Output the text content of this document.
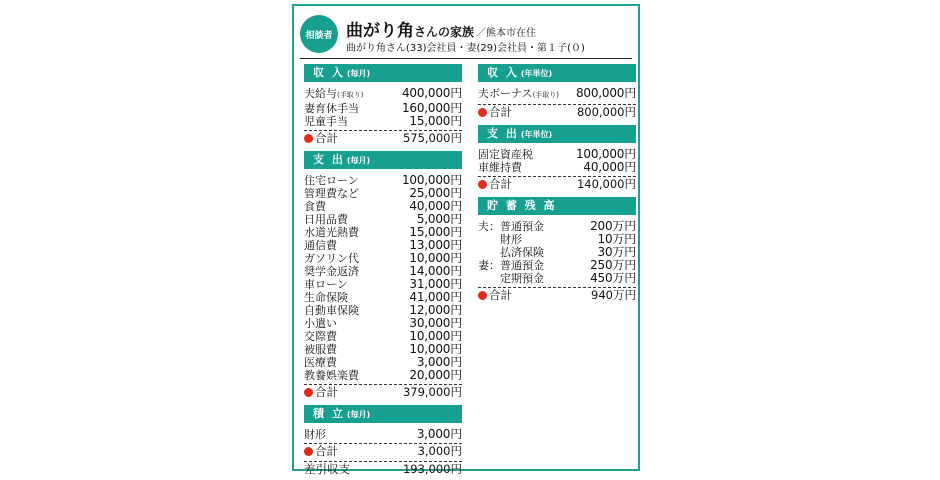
相談者 曲がり角さんの家族 ／熊本市在住
曲がり角さん(33)会社員・妻(29)会社員・第１子(０)
収 入 (毎月)
夫給与(手取り)	400,000円
妻育休手当	160,000円
児童手当	15,000円
合計	575,000円
支 出 (毎月)
住宅ローン	100,000円
管理費など	25,000円
食費	40,000円
日用品費	5,000円
水道光熱費	15,000円
通信費	13,000円
ガソリン代	10,000円
奨学金返済	14,000円
車ローン	31,000円
生命保険	41,000円
自動車保険	12,000円
小遣い	30,000円
交際費	10,000円
被服費	10,000円
医療費	3,000円
教養娯楽費	20,000円
合計	379,000円
積 立 (毎月)
財形	3,000円
合計	3,000円
差引収支	193,000円
収 入 (年単位)
夫ボーナス(手取り) 800,000円
合計	800,000円
支 出 (年単位)
固定資産税	100,000円
車維持費	40,000円
合計	140,000円
貯 蓄 残 高
夫：普通預金	200万円
財形	10万円
払済保険	30万円
妻：普通預金	250万円
定期預金	450万円
合計	940万円
